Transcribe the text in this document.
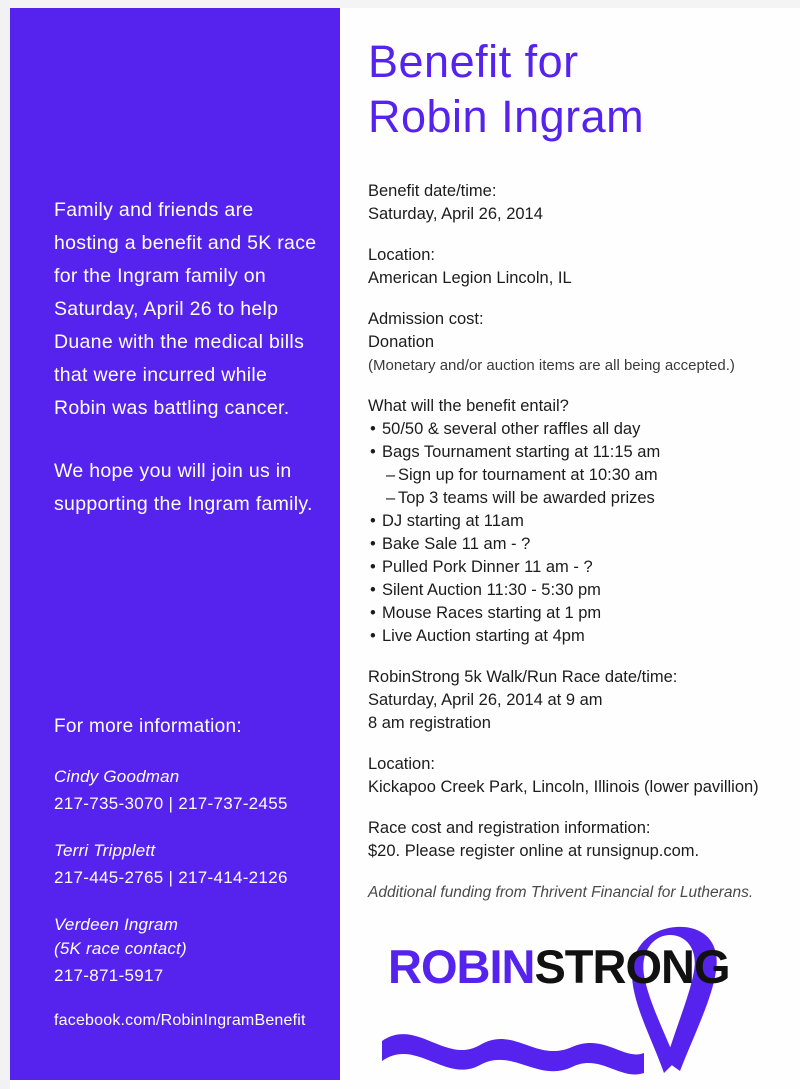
Family and friends are hosting a benefit and 5K race for the Ingram family on Saturday, April 26 to help Duane with the medical bills that were incurred while Robin was battling cancer.

We hope you will join us in supporting the Ingram family.

For more information:

Cindy Goodman

217-735-3070 | 217-737-2455

Terri Tripplett

217-445-2765 | 217-414-2126

Verdeen Ingram

(5K race contact)

217-871-5917

facebook.com/RobinIngramBenefit

Benefit for
Robin Ingram
Benefit date/time:
Saturday, April 26, 2014
Location:
American Legion Lincoln, IL
Admission cost:
Donation
(Monetary and/or auction items are all being accepted.)
What will the benefit entail?
• 50/50 & several other raffles all day
• Bags Tournament starting at 11:15 am
– Sign up for tournament at 10:30 am
– Top 3 teams will be awarded prizes
• DJ starting at 11am
• Bake Sale 11 am - ?
• Pulled Pork Dinner 11 am - ?
• Silent Auction 11:30 - 5:30 pm
• Mouse Races starting at 1 pm
• Live Auction starting at 4pm
RobinStrong 5k Walk/Run Race date/time:
Saturday, April 26, 2014 at 9 am
8 am registration
Location:
Kickapoo Creek Park, Lincoln, Illinois (lower pavillion)
Race cost and registration information:
$20. Please register online at runsignup.com.
Additional funding from Thrivent Financial for Lutherans.
ROBINSTRONG
